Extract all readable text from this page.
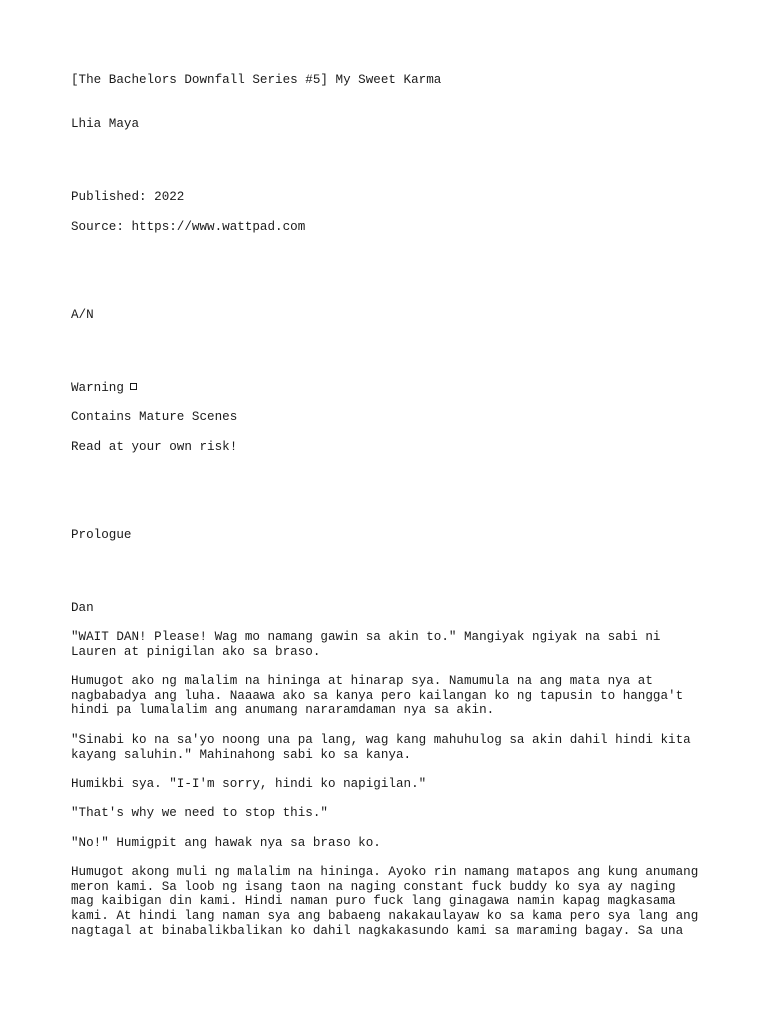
[The Bachelors Downfall Series #5] My Sweet Karma

Lhia Maya

Published: 2022

Source: https://www.wattpad.com

A/N

Warning

Contains Mature Scenes

Read at your own risk!

Prologue

Dan

"WAIT DAN! Please! Wag mo namang gawin sa akin to." Mangiyak ngiyak na sabi ni
Lauren at pinigilan ako sa braso.

Humugot ako ng malalim na hininga at hinarap sya. Namumula na ang mata nya at
nagbabadya ang luha. Naaawa ako sa kanya pero kailangan ko ng tapusin to hangga't
hindi pa lumalalim ang anumang nararamdaman nya sa akin.

"Sinabi ko na sa'yo noong una pa lang, wag kang mahuhulog sa akin dahil hindi kita
kayang saluhin." Mahinahong sabi ko sa kanya.

Humikbi sya. "I-I'm sorry, hindi ko napigilan."

"That's why we need to stop this."

"No!" Humigpit ang hawak nya sa braso ko.

Humugot akong muli ng malalim na hininga. Ayoko rin namang matapos ang kung anumang
meron kami. Sa loob ng isang taon na naging constant fuck buddy ko sya ay naging
mag kaibigan din kami. Hindi naman puro fuck lang ginagawa namin kapag magkasama
kami. At hindi lang naman sya ang babaeng nakakaulayaw ko sa kama pero sya lang ang
nagtagal at binabalikbalikan ko dahil nagkakasundo kami sa maraming bagay. Sa una
